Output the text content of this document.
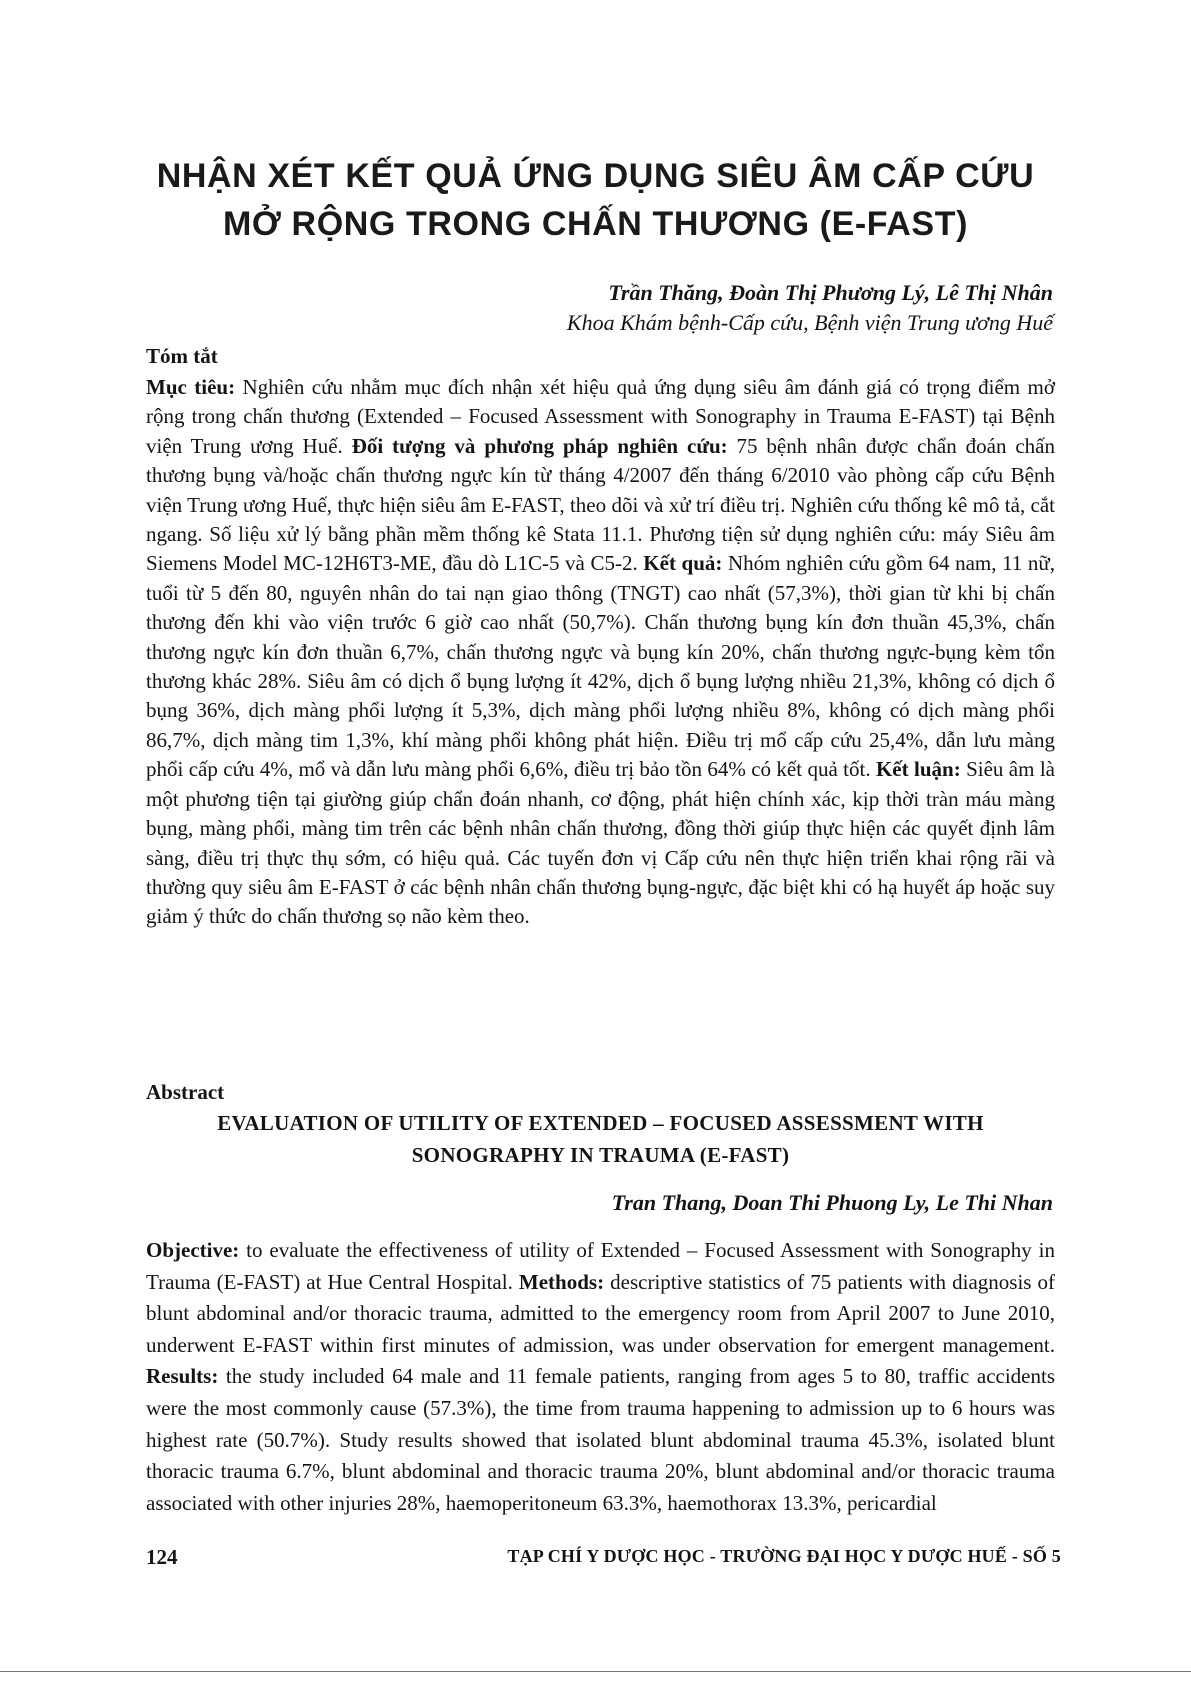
NHẬN XÉT KẾT QUẢ ỨNG DỤNG SIÊU ÂM CẤP CỨU
MỞ RỘNG TRONG CHẤN THƯƠNG (E-FAST)
Trần Thăng, Đoàn Thị Phương Lý, Lê Thị Nhân
Khoa Khám bệnh-Cấp cứu, Bệnh viện Trung ương Huế
Tóm tắt

Mục tiêu: Nghiên cứu nhằm mục đích nhận xét hiệu quả ứng dụng siêu âm đánh giá có trọng điểm mở rộng trong chấn thương (Extended – Focused Assessment with Sonography in Trauma E-FAST) tại Bệnh viện Trung ương Huế. Đối tượng và phương pháp nghiên cứu: 75 bệnh nhân được chẩn đoán chấn thương bụng và/hoặc chấn thương ngực kín từ tháng 4/2007 đến tháng 6/2010 vào phòng cấp cứu Bệnh viện Trung ương Huế, thực hiện siêu âm E-FAST, theo dõi và xử trí điều trị. Nghiên cứu thống kê mô tả, cắt ngang. Số liệu xử lý bằng phần mềm thống kê Stata 11.1. Phương tiện sử dụng nghiên cứu: máy Siêu âm Siemens Model MC-12H6T3-ME, đầu dò L1C-5 và C5-2. Kết quả: Nhóm nghiên cứu gồm 64 nam, 11 nữ, tuổi từ 5 đến 80, nguyên nhân do tai nạn giao thông (TNGT) cao nhất (57,3%), thời gian từ khi bị chấn thương đến khi vào viện trước 6 giờ cao nhất (50,7%). Chấn thương bụng kín đơn thuần 45,3%, chấn thương ngực kín đơn thuần 6,7%, chấn thương ngực và bụng kín 20%, chấn thương ngực-bụng kèm tổn thương khác 28%. Siêu âm có dịch ổ bụng lượng ít 42%, dịch ổ bụng lượng nhiều 21,3%, không có dịch ổ bụng 36%, dịch màng phổi lượng ít 5,3%, dịch màng phổi lượng nhiều 8%, không có dịch màng phổi 86,7%, dịch màng tim 1,3%, khí màng phổi không phát hiện. Điều trị mổ cấp cứu 25,4%, dẫn lưu màng phổi cấp cứu 4%, mổ và dẫn lưu màng phổi 6,6%, điều trị bảo tồn 64% có kết quả tốt. Kết luận: Siêu âm là một phương tiện tại giường giúp chẩn đoán nhanh, cơ động, phát hiện chính xác, kịp thời tràn máu màng bụng, màng phổi, màng tim trên các bệnh nhân chấn thương, đồng thời giúp thực hiện các quyết định lâm sàng, điều trị thực thụ sớm, có hiệu quả. Các tuyến đơn vị Cấp cứu nên thực hiện triển khai rộng rãi và thường quy siêu âm E-FAST ở các bệnh nhân chấn thương bụng-ngực, đặc biệt khi có hạ huyết áp hoặc suy giảm ý thức do chấn thương sọ não kèm theo.

Abstract
EVALUATION OF UTILITY OF EXTENDED – FOCUSED ASSESSMENT WITH
SONOGRAPHY IN TRAUMA (E-FAST)
Tran Thang, Doan Thi Phuong Ly, Le Thi Nhan

Objective: to evaluate the effectiveness of utility of Extended – Focused Assessment with Sonography in Trauma (E-FAST) at Hue Central Hospital. Methods: descriptive statistics of 75 patients with diagnosis of blunt abdominal and/or thoracic trauma, admitted to the emergency room from April 2007 to June 2010, underwent E-FAST within first minutes of admission, was under observation for emergent management. Results: the study included 64 male and 11 female patients, ranging from ages 5 to 80, traffic accidents were the most commonly cause (57.3%), the time from trauma happening to admission up to 6 hours was highest rate (50.7%). Study results showed that isolated blunt abdominal trauma 45.3%, isolated blunt thoracic trauma 6.7%, blunt abdominal and thoracic trauma 20%, blunt abdominal and/or thoracic trauma associated with other injuries 28%, haemoperitoneum 63.3%, haemothorax 13.3%, pericardial

124	TẠP CHÍ Y DƯỢC HỌC - TRƯỜNG ĐẠI HỌC Y DƯỢC HUẾ - SỐ 5
